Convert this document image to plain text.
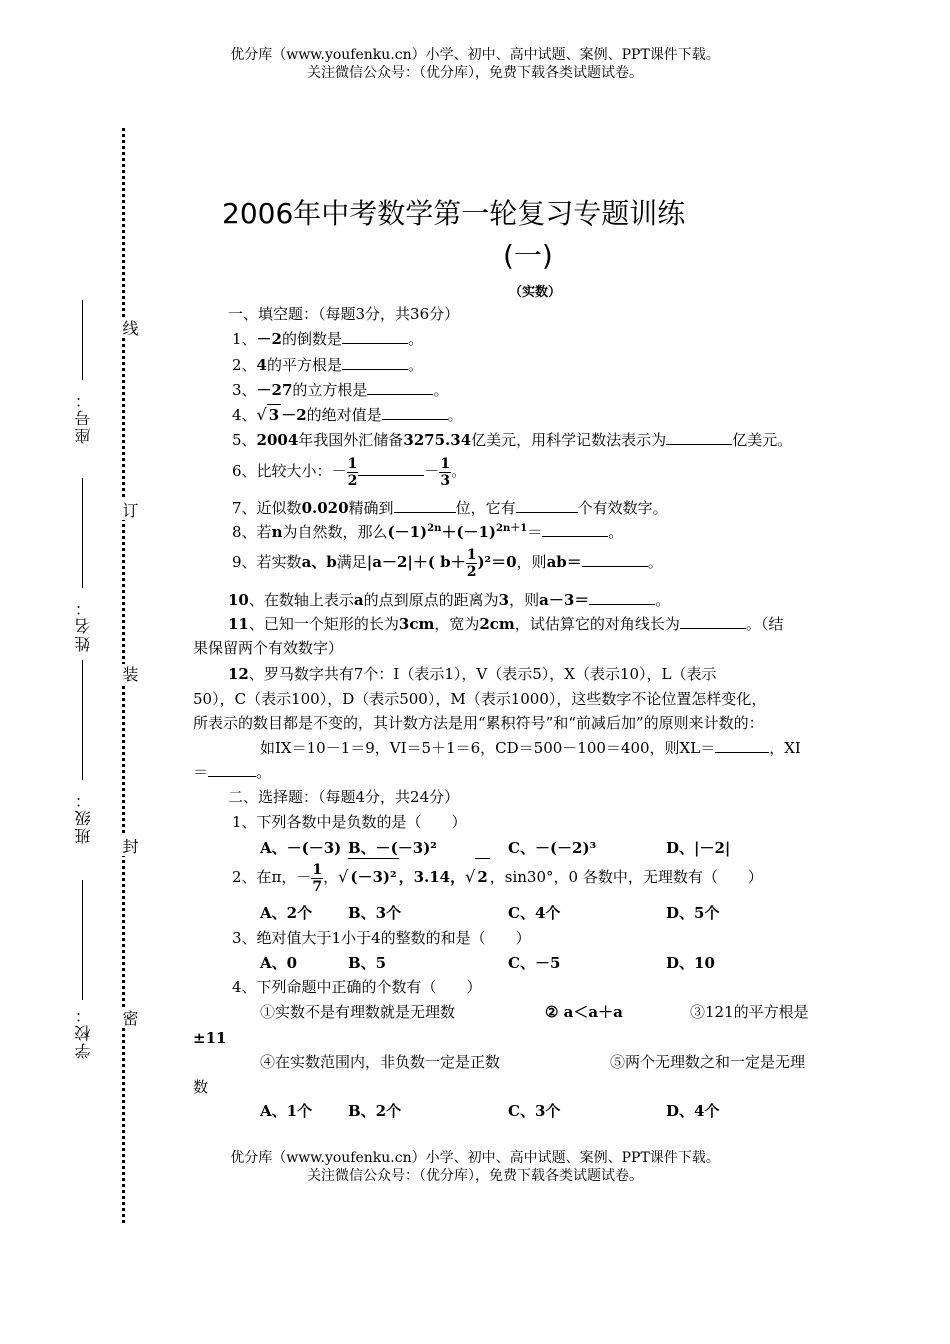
优分库（www.youfenku.cn）小学、初中、高中试题、案例、PPT课件下载。
关注微信公众号：（优分库），免费下载各类试题试卷。
线
订
装
封
密
座号：
姓名：
班级：
学校：
2006年中考数学第一轮复习专题训练
(一)
（实数）
一、填空题：（每题3分，共36分）
1、－2的倒数是	。
2、4的平方根是	。
3、－27的立方根是	。
4、√ 3 －2的绝对值是	。
5、2004年我国外汇储备3275.34亿美元，用科学记数法表示为	亿美元。
6、比较大小：－ $\frac{1}{2}$	－ $\frac{1}{3}$ 。
7、近似数0.020精确到	位，它有	个有效数字。
8、若n为自然数，那么$(-1)^{2n}+(-1)^{2n+1}=$	。
9、若实数a、b满足|a－2|＋( $b+ \frac{1}{2} )^2=0$，则ab＝	。
10、在数轴上表示a的点到原点的距离为3，则a－3＝	。
11、已知一个矩形的长为3cm，宽为2cm，试估算它的对角线长为	。（结
果保留两个有效数字）
12、罗马数字共有7个：I（表示1），V（表示5），X（表示10），L（表示
50），C（表示100），D（表示500），M（表示1000），这些数字不论位置怎样变化，
所表示的数目都是不变的，其计数方法是用“累积符号”和“前减后加”的原则来计数的：
如IX＝10－1＝9，VI＝5＋1＝6，CD＝500－100＝400，则XL＝	，XI
＝	。
二、选择题：（每题4分，共24分）
1、下列各数中是负数的是（　　）
A、－(－3) B、－(－3)²	C、－(－2)³	D、|－2|
2、在π，－ $\frac{1}{7}$ ，√ (－3)² ，3.14，√ 2 ，sin30°，0 各数中，无理数有（　　）
A、2个 B、3个	C、4个	D、5个
3、绝对值大于1小于4的整数的和是（　　）
A、0	B、5	C、－5	D、10
4、下列命题中正确的个数有（　　）
①实数不是有理数就是无理数	② a＜a＋a	③121的平方根是
±11
④在实数范围内，非负数一定是正数	⑤两个无理数之和一定是无理
数
A、1个 B、2个	C、3个	D、4个
优分库（www.youfenku.cn）小学、初中、高中试题、案例、PPT课件下载。
关注微信公众号：（优分库），免费下载各类试题试卷。
